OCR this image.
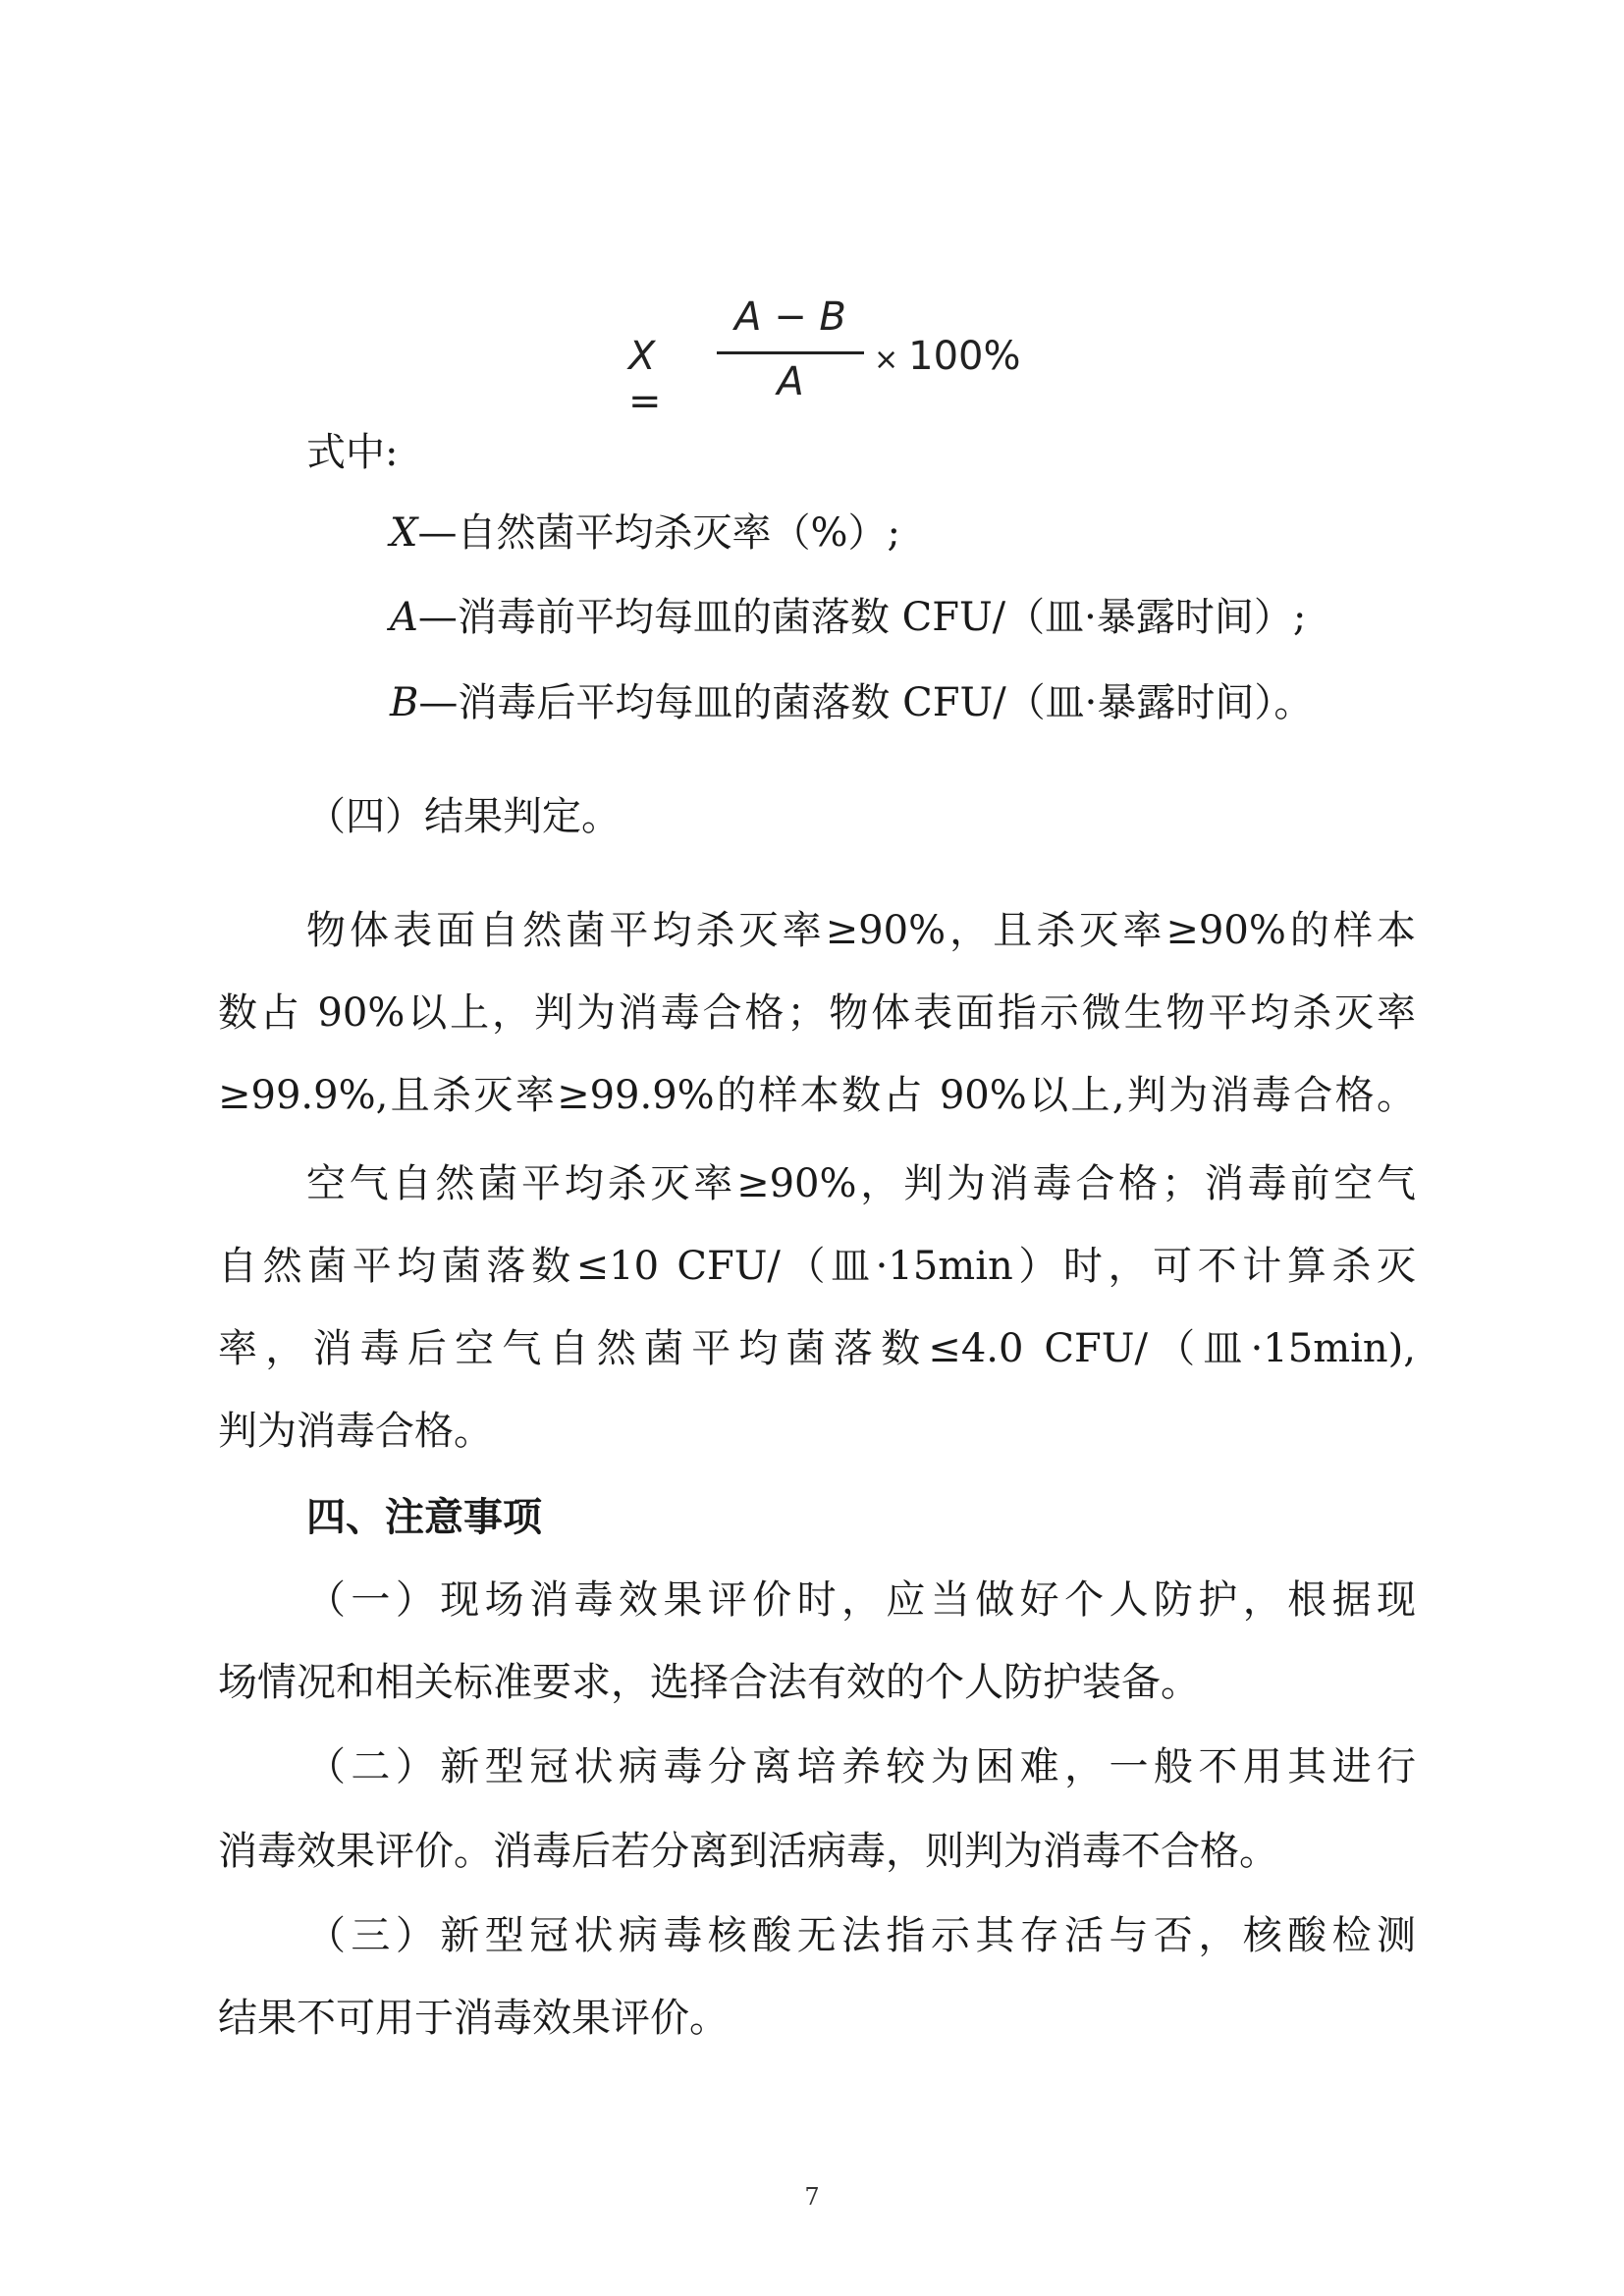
X =
A − B
A	× 100%
式中:
X—自然菌平均杀灭率（%）;
A—消毒前平均每皿的菌落数 CFU/（皿·暴露时间）;
B—消毒后平均每皿的菌落数 CFU/（皿·暴露时间）。
（四）结果判定。
物体表面自然菌平均杀灭率≥90%，且杀灭率≥90%的样本
数占 90%以上，判为消毒合格；物体表面指示微生物平均杀灭率
≥99.9%,且杀灭率≥99.9%的样本数占 90%以上,判为消毒合格。
空气自然菌平均杀灭率≥90%，判为消毒合格；消毒前空气
自然菌平均菌落数≤10 CFU/（皿·15min）时，可不计算杀灭
率，消毒后空气自然菌平均菌落数≤4.0 CFU/（皿·15min),
判为消毒合格。
四、注意事项
（一）现场消毒效果评价时，应当做好个人防护，根据现
场情况和相关标准要求，选择合法有效的个人防护装备。
（二）新型冠状病毒分离培养较为困难，一般不用其进行
消毒效果评价。消毒后若分离到活病毒，则判为消毒不合格。
（三）新型冠状病毒核酸无法指示其存活与否，核酸检测
结果不可用于消毒效果评价。
7
